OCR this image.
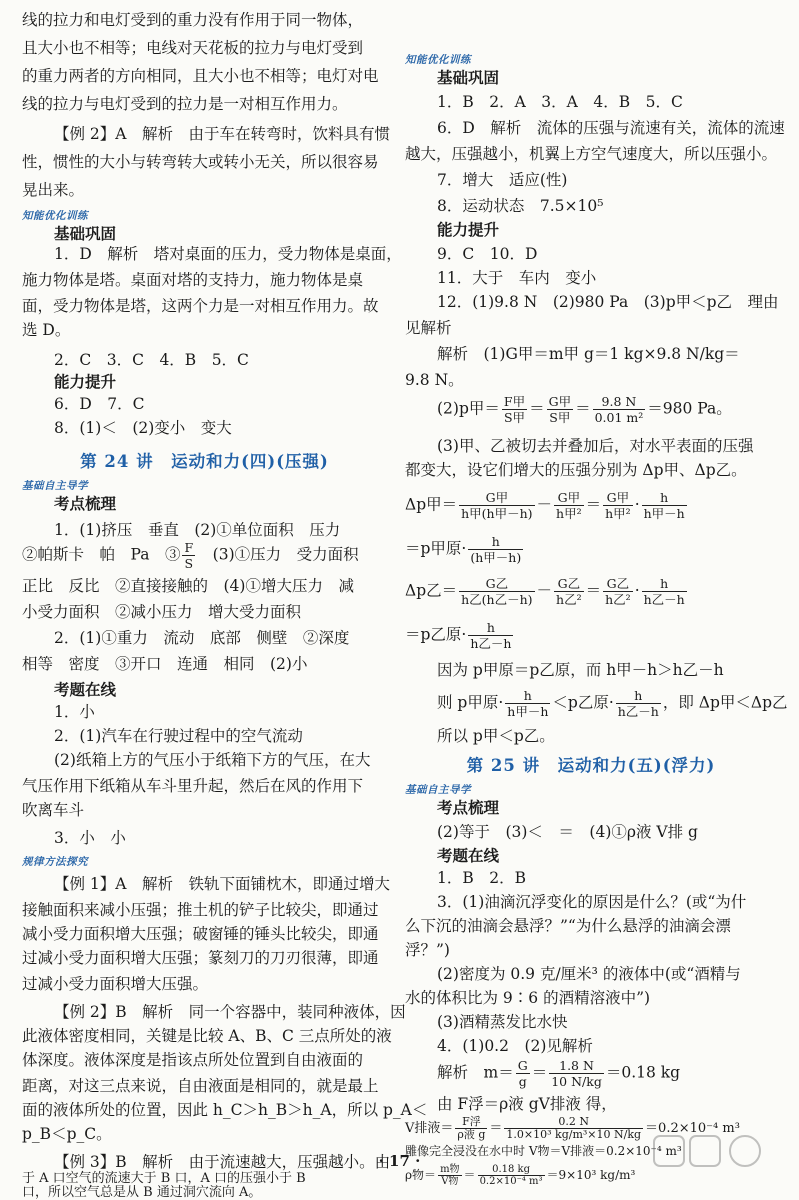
线的拉力和电灯受到的重力没有作用于同一物体，
且大小也不相等；电线对天花板的拉力与电灯受到
的重力两者的方向相同，且大小也不相等；电灯对电
线的拉力与电灯受到的拉力是一对相互作用力。
【例 2】A　解析　由于车在转弯时，饮料具有惯
性，惯性的大小与转弯转大或转小无关，所以很容易
晃出来。
知能优化训练
基础巩固
1．D　解析　塔对桌面的压力，受力物体是桌面，
施力物体是塔。桌面对塔的支持力，施力物体是桌
面，受力物体是塔，这两个力是一对相互作用力。故
选 D。
2．C　3．C　4．B　5．C
能力提升
6．D　7．C
8．(1)＜　(2)变小　变大
第 24 讲　运动和力(四)(压强)
基础自主导学
考点梳理
1．(1)挤压　垂直　(2)①单位面积　压力
②帕斯卡　帕　Pa　③ $\frac{F}{S}$ 　(3)①压力　受力面积
正比　反比　②直接接触的　(4)①增大压力　减
小受力面积　②减小压力　增大受力面积
2．(1)①重力　流动　底部　侧壁　②深度
相等　密度　③开口　连通　相同　(2)小
考题在线
1．小
2．(1)汽车在行驶过程中的空气流动
(2)纸箱上方的气压小于纸箱下方的气压，在大
气压作用下纸箱从车斗里升起，然后在风的作用下
吹离车斗
3．小　小
规律方法探究
【例 1】A　解析　铁轨下面铺枕木，即通过增大
接触面积来减小压强；推土机的铲子比较尖，即通过
减小受力面积增大压强；破窗锤的锤头比较尖，即通
过减小受力面积增大压强；篆刻刀的刀刃很薄，即通
过减小受力面积增大压强。
【例 2】B　解析　同一个容器中，装同种液体，因
此液体密度相同，关键是比较 A、B、C 三点所处的液
体深度。液体深度是指该点所处位置到自由液面的
距离，对这三点来说，自由液面是相同的，就是最上
面的液体所处的位置，因此 h_C＞h_B＞h_A，所以 p_A＜
p_B＜p_C。
【例 3】B　解析　由于流速越大，压强越小。由
于 A 口空气的流速大于 B 口，A 口的压强小于 B
口，所以空气总是从 B 通过洞穴流向 A。
知能优化训练
基础巩固
1．B　2．A　3．A　4．B　5．C
6．D　解析　流体的压强与流速有关，流体的流速
越大，压强越小，机翼上方空气速度大，所以压强小。
7．增大　适应(性)
8．运动状态　7.5×10⁵
能力提升
9．C　10．D
11．大于　车内　变小
12．(1)9.8 N　(2)980 Pa　(3)p甲＜p乙　理由
见解析
解析　(1)G甲＝m甲 g＝1 kg×9.8 N/kg＝
9.8 N。
(2)p甲＝ $\frac{\text{F甲}}{\text{S甲}} = \frac{\text{G甲}}{\text{S甲}} = \frac{9.8 N}{\text{0.01 m²}} =980$ Pa。
(3)甲、乙被切去并叠加后，对水平表面的压强
都变大，设它们增大的压强分别为 Δp甲、Δp乙。
Δp甲＝ $\frac{\text{G甲}}{\text{h甲(h甲－h)}} - \frac{\text{G甲}}{\text{h甲²}} = \frac{\text{G甲}}{\text{h甲²}} \cdot \frac{h}{\text{h甲－h}}$
＝p甲原· $\frac{h}{\text{(h甲－h)}}$
Δp乙＝ $\frac{\text{G乙}}{\text{h乙(h乙－h)}} - \frac{\text{G乙}}{\text{h乙²}} = \frac{\text{G乙}}{\text{h乙²}} \cdot \frac{h}{\text{h乙－h}}$
＝p乙原· $\frac{h}{\text{h乙－h}}$
因为 p甲原＝p乙原，而 h甲－h＞h乙－h
则 p甲原· $\frac{h}{\text{h甲－h}} <p$乙原· $\frac{h}{\text{h乙－h}}$ ，即 Δp甲＜Δp乙
所以 p甲＜p乙。
第 25 讲　运动和力(五)(浮力)
基础自主导学
考点梳理
(2)等于　(3)＜　＝　(4)①ρ液 V排 g
考题在线
1．B　2．B
3．(1)油滴沉浮变化的原因是什么？(或“为什
么下沉的油滴会悬浮？”“为什么悬浮的油滴会漂
浮？”)
(2)密度为 0.9 克/厘米³ 的液体中(或“酒精与
水的体积比为 9∶6 的酒精溶液中”)
(3)酒精蒸发比水快
4．(1)0.2　(2)见解析
解析　$m= \frac{G}{g} = \frac{1.8 N}{10 N/kg} =0.18$ kg
由 F浮＝ρ液 gV排液 得，
V排液＝ $\frac{\text{F浮}}{\text{ρ液 g}} = \frac{0.2 N}{\text{1.0×10³ kg/m³×10 N/kg}} =0.2\times 10^{-4}$ m³
雕像完全浸没在水中时 V物＝V排液＝0.2×10⁻⁴ m³
ρ物＝ $\frac{\text{m物}}{\text{V物}} = \frac{0.18 kg}{\text{0.2×10⁻⁴ m³}} =9\times 10^3$ kg/m³
· 17 ·
